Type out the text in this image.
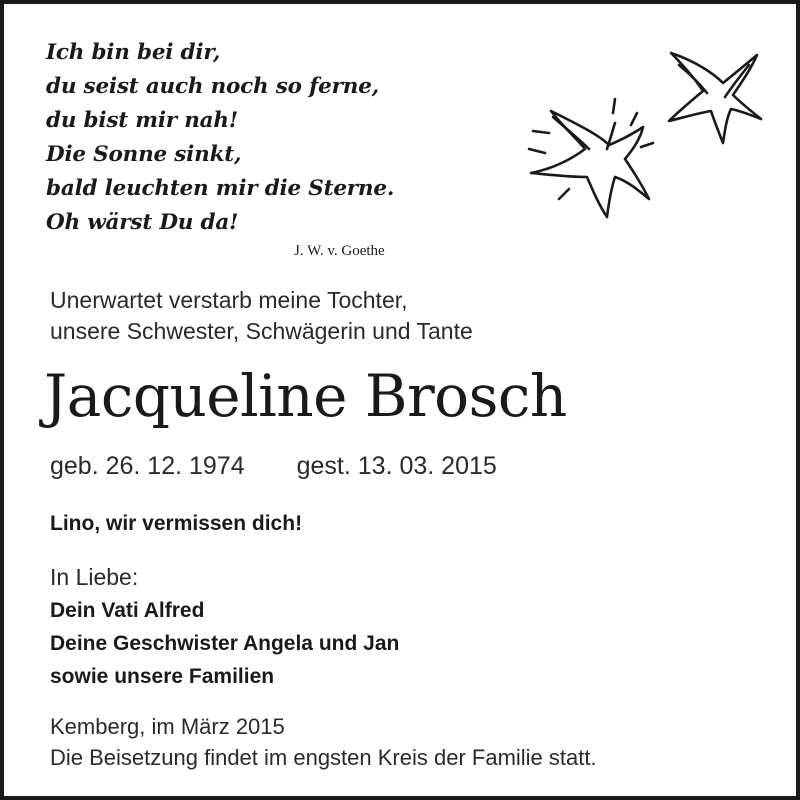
Ich bin bei dir,
du seist auch noch so ferne,
du bist mir nah!
Die Sonne sinkt,
bald leuchten mir die Sterne.
Oh wärst Du da!
J. W. v. Goethe
Unerwartet verstarb meine Tochter,
unsere Schwester, Schwägerin und Tante
Jacqueline Brosch
geb. 26. 12. 1974 gest. 13. 03. 2015
Lino, wir vermissen dich!
In Liebe:
Dein Vati Alfred
Deine Geschwister Angela und Jan
sowie unsere Familien
Kemberg, im März 2015
Die Beisetzung findet im engsten Kreis der Familie statt.
